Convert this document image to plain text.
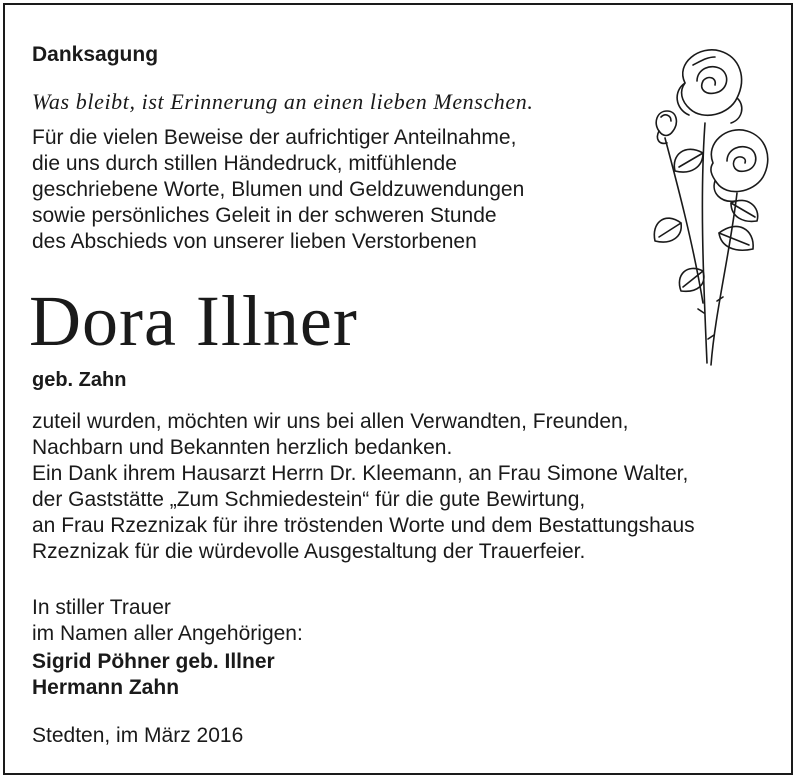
Danksagung
Was bleibt, ist Erinnerung an einen lieben Menschen.
Für die vielen Beweise der aufrichtiger Anteilnahme,
die uns durch stillen Händedruck, mitfühlende
geschriebene Worte, Blumen und Geldzuwendungen
sowie persönliches Geleit in der schweren Stunde
des Abschieds von unserer lieben Verstorbenen
Dora Illner
geb. Zahn
zuteil wurden, möchten wir uns bei allen Verwandten, Freunden,
Nachbarn und Bekannten herzlich bedanken.
Ein Dank ihrem Hausarzt Herrn Dr. Kleemann, an Frau Simone Walter,
der Gaststätte „Zum Schmiedestein“ für die gute Bewirtung,
an Frau Rzeznizak für ihre tröstenden Worte und dem Bestattungshaus
Rzeznizak für die würdevolle Ausgestaltung der Trauerfeier.
In stiller Trauer
im Namen aller Angehörigen:
Sigrid Pöhner geb. Illner
Hermann Zahn
Stedten, im März 2016
